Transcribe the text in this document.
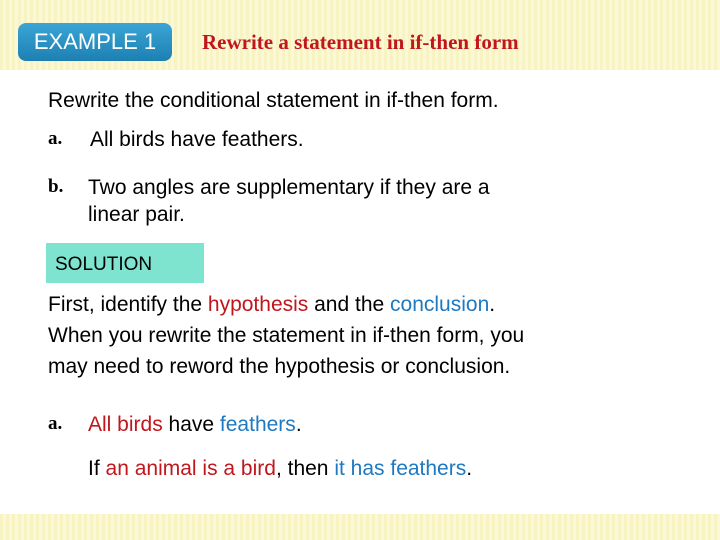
EXAMPLE 1	Rewrite a statement in if-then form
Rewrite the conditional statement in if-then form.
a. All birds have feathers.
b. Two angles are supplementary if they are a
linear pair.
SOLUTION
First, identify the hypothesis and the conclusion.
When you rewrite the statement in if-then form, you
may need to reword the hypothesis or conclusion.
a. All birds have feathers.
If an animal is a bird, then it has feathers.
